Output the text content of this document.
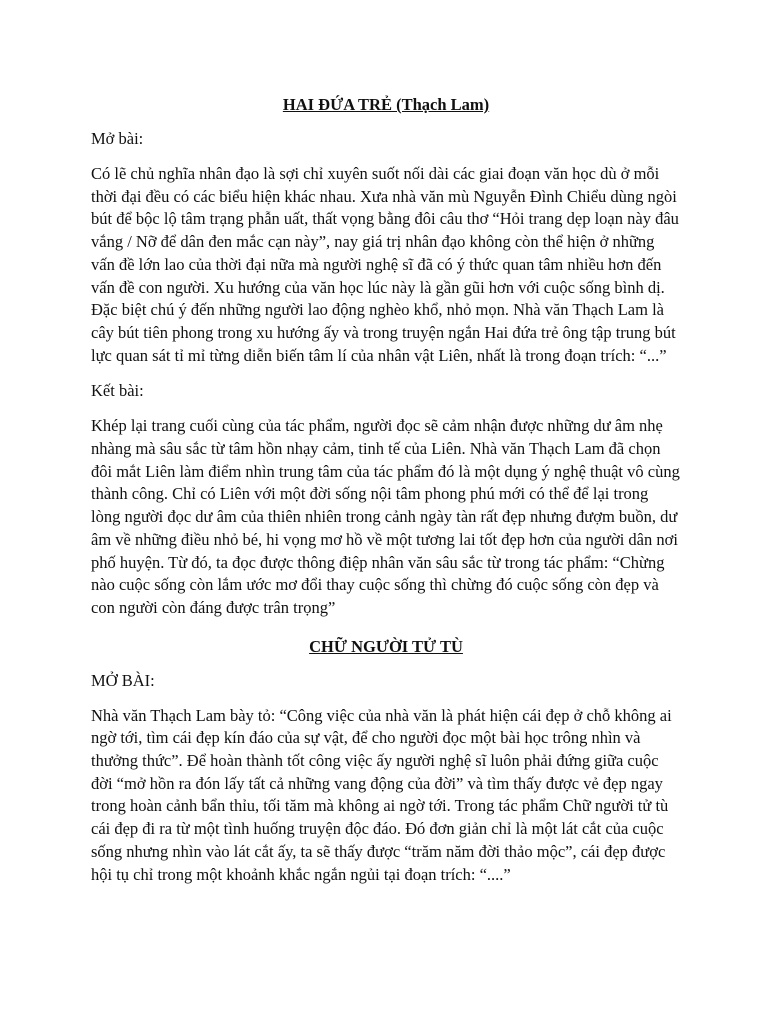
HAI ĐỨA TRẺ (Thạch Lam)

Mở bài:

Có lẽ chủ nghĩa nhân đạo là sợi chỉ xuyên suốt nối dài các giai đoạn văn học dù ở mỗi thời đại đều có các biểu hiện khác nhau. Xưa nhà văn mù Nguyễn Đình Chiểu dùng ngòi bút để bộc lộ tâm trạng phẫn uất, thất vọng bằng đôi câu thơ “Hỏi trang dẹp loạn này đâu vắng / Nỡ để dân đen mắc cạn này”, nay giá trị nhân đạo không còn thể hiện ở những vấn đề lớn lao của thời đại nữa mà người nghệ sĩ đã có ý thức quan tâm nhiều hơn đến vấn đề con người. Xu hướng của văn học lúc này là gần gũi hơn với cuộc sống bình dị. Đặc biệt chú ý đến những người lao động nghèo khổ, nhỏ mọn. Nhà văn Thạch Lam là cây bút tiên phong trong xu hướng ấy và trong truyện ngắn Hai đứa trẻ ông tập trung bút lực quan sát tỉ mỉ từng diễn biến tâm lí của nhân vật Liên, nhất là trong đoạn trích: “...”

Kết bài:

Khép lại trang cuối cùng của tác phẩm, người đọc sẽ cảm nhận được những dư âm nhẹ nhàng mà sâu sắc từ tâm hồn nhạy cảm, tinh tế của Liên. Nhà văn Thạch Lam đã chọn đôi mắt Liên làm điểm nhìn trung tâm của tác phẩm đó là một dụng ý nghệ thuật vô cùng thành công. Chỉ có Liên với một đời sống nội tâm phong phú mới có thể để lại trong lòng người đọc dư âm của thiên nhiên trong cảnh ngày tàn rất đẹp nhưng đượm buồn, dư âm về những điều nhỏ bé, hi vọng mơ hồ về một tương lai tốt đẹp hơn của người dân nơi phố huyện. Từ đó, ta đọc được thông điệp nhân văn sâu sắc từ trong tác phẩm: “Chừng nào cuộc sống còn lắm ước mơ đổi thay cuộc sống thì chừng đó cuộc sống còn đẹp và con người còn đáng được trân trọng”

CHỮ NGƯỜI TỬ TÙ

MỞ BÀI:

Nhà văn Thạch Lam bày tỏ: “Công việc của nhà văn là phát hiện cái đẹp ở chỗ không ai ngờ tới, tìm cái đẹp kín đáo của sự vật, để cho người đọc một bài học trông nhìn và thưởng thức”. Để hoàn thành tốt công việc ấy người nghệ sĩ luôn phải đứng giữa cuộc đời “mở hồn ra đón lấy tất cả những vang động của đời” và tìm thấy được vẻ đẹp ngay trong hoàn cảnh bẩn thỉu, tối tăm mà không ai ngờ tới. Trong tác phẩm Chữ người tử tù cái đẹp đi ra từ một tình huống truyện độc đáo. Đó đơn giản chỉ là một lát cắt của cuộc sống nhưng nhìn vào lát cắt ấy, ta sẽ thấy được “trăm năm đời thảo mộc”, cái đẹp được hội tụ chỉ trong một khoảnh khắc ngắn ngủi tại đoạn trích: “....”
